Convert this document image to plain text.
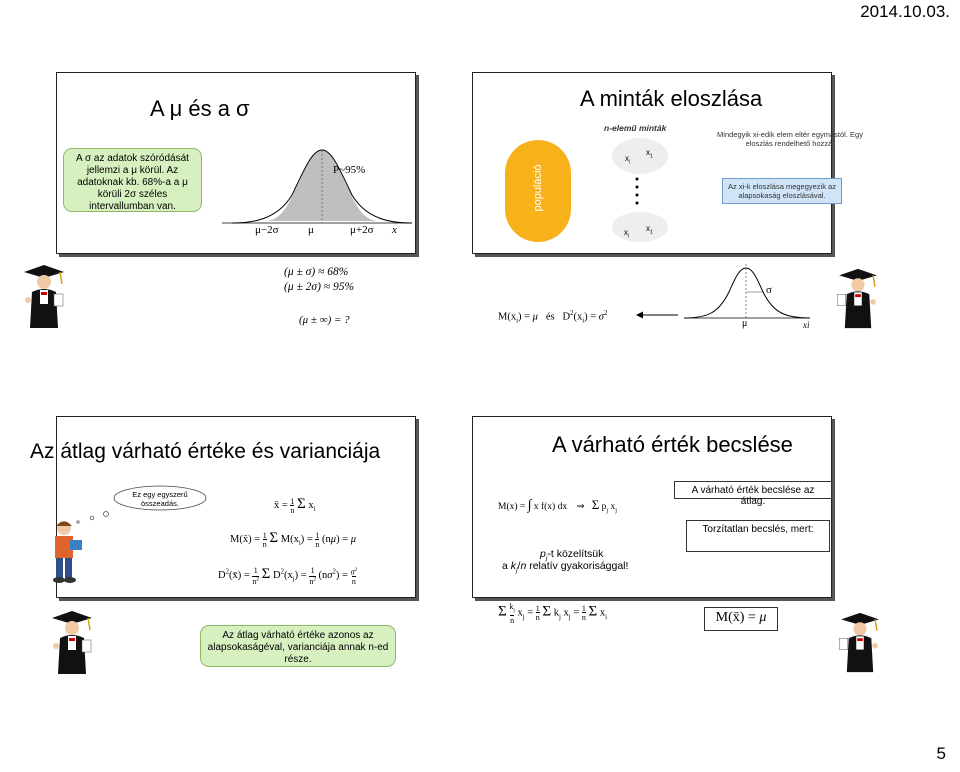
2014.10.03.
5
A μ és a σ
A σ az adatok szóródását jellemzi a μ körül. Az adatoknak kb. 68%-a a μ körüli 2σ széles intervallumban van.
P~95%
μ−2σ	μ	μ+2σ x
(μ ± σ) ≈ 68%
(μ ± 2σ) ≈ 95%
(μ ± ∞) = ?
A minták eloszlása
n-elemű minták
populáció
$x_i$
$x_1$
$x_i$
$x_1$
Mindegyik xi-edik elem eltér egymástól. Egy eloszlás rendelhető hozzá.
Az xi-k eloszlása megegyezik az alapsokaság eloszlásával.
$M(x_i) = \mu$   és   $D^2(x_i) = \sigma^2$
σ
μ	xi
Az átlag várható értéke és varianciája
Ez egy egyszerű összeadás.	x̄ = 1
n Σ $x_i$
M(x̄) = 1
n Σ $M(x_i) = 1$
n (nμ) = μ
$D^2(x̄) = 1$
$n^2$ Σ $D^2(x_i) = 1$
$n^2$ $(n\sigma^2) = \sigma^2$
n
Az átlag várható értéke azonos az alapsokaságéval, varianciája annak n-ed része.
A várható érték becslése
M(x) = ∫ x f(x) dx    ⇒   Σ $p_j$ $x_j$
A várható érték becslése az átlag.
Torzítatlan becslés, mert:
$p_j-t$ közelítsük
a $k_j/n$ relatív gyakorisággal!
Σ $k_j$
n $x_j = 1$
n Σ $k_j$ $x_j = 1$
n Σ $x_i$	M(x̄) = μ
